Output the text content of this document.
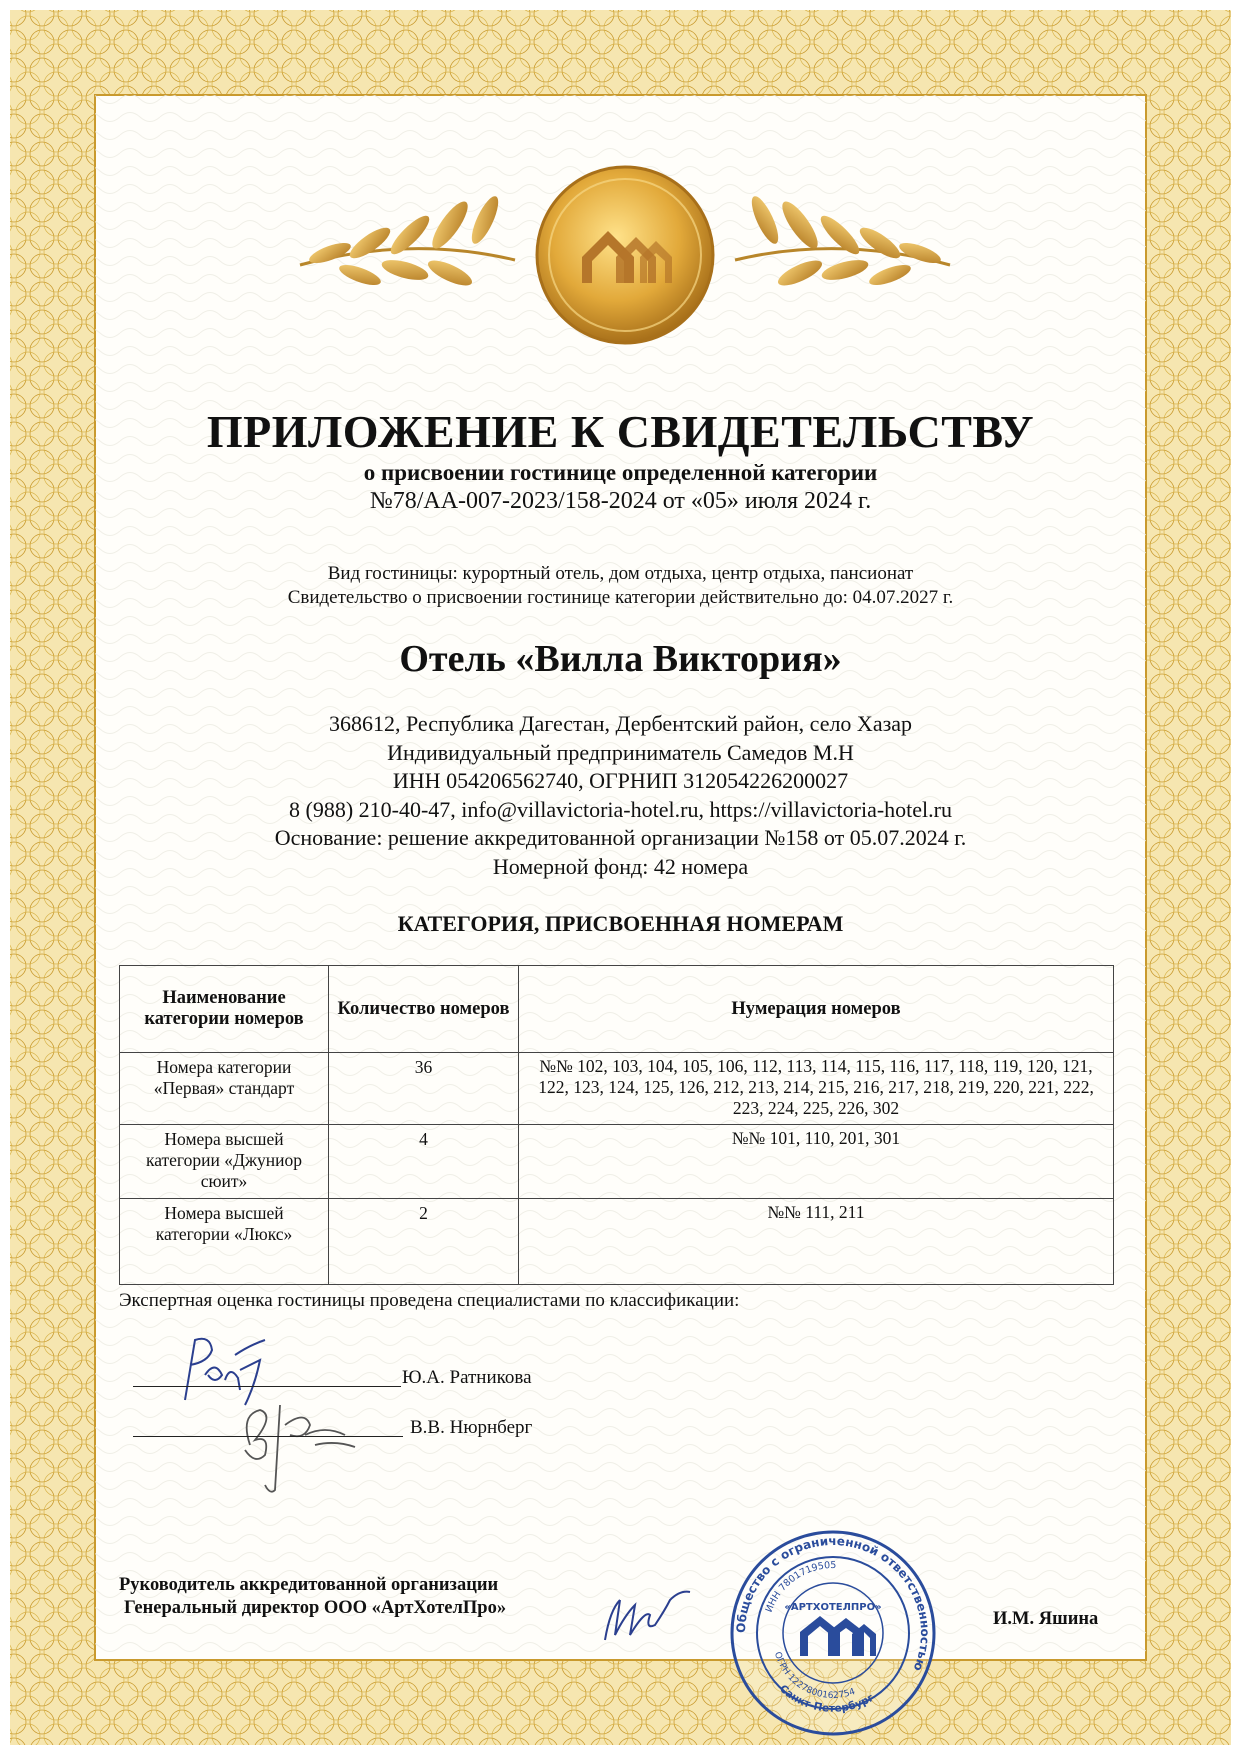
ПРИЛОЖЕНИЕ К СВИДЕТЕЛЬСТВУ
о присвоении гостинице определенной категории
№78/АА-007-2023/158-2024 от «05» июля 2024 г.
Вид гостиницы: курортный отель, дом отдыха, центр отдыха, пансионат
Свидетельство о присвоении гостинице категории действительно до: 04.07.2027 г.
Отель «Вилла Виктория»
368612, Республика Дагестан, Дербентский район, село Хазар
Индивидуальный предприниматель Самедов М.Н
ИНН 054206562740, ОГРНИП 312054226200027
8 (988) 210-40-47, info@villavictoria-hotel.ru, https://villavictoria-hotel.ru
Основание: решение аккредитованной организации №158 от 05.07.2024 г.
Номерной фонд: 42 номера
КАТЕГОРИЯ, ПРИСВОЕННАЯ НОМЕРАМ
Наименование категории номеров	Количество номеров	Нумерация номеров
Номера категории «Первая» стандарт	36	№№ 102, 103, 104, 105, 106, 112, 113, 114, 115, 116, 117, 118, 119, 120, 121, 122, 123, 124, 125, 126, 212, 213, 214, 215, 216, 217, 218, 219, 220, 221, 222, 223, 224, 225, 226, 302
Номера высшей категории «Джуниор сюит»	4	№№ 101, 110, 201, 301
Номера высшей категории «Люкс»	2	№№ 111, 211
Экспертная оценка гостиницы проведена специалистами по классификации:
Ю.А. Ратникова
В.В. Нюрнберг
Руководитель аккредитованной организации
Генеральный директор ООО «АртХотелПро»
Общество с ограниченной ответственностью
ИНН 7801719505
ОГРН 1227800162754
Санкт-Петербург
«АРТХОТЕЛПРО»
И.М. Яшина
